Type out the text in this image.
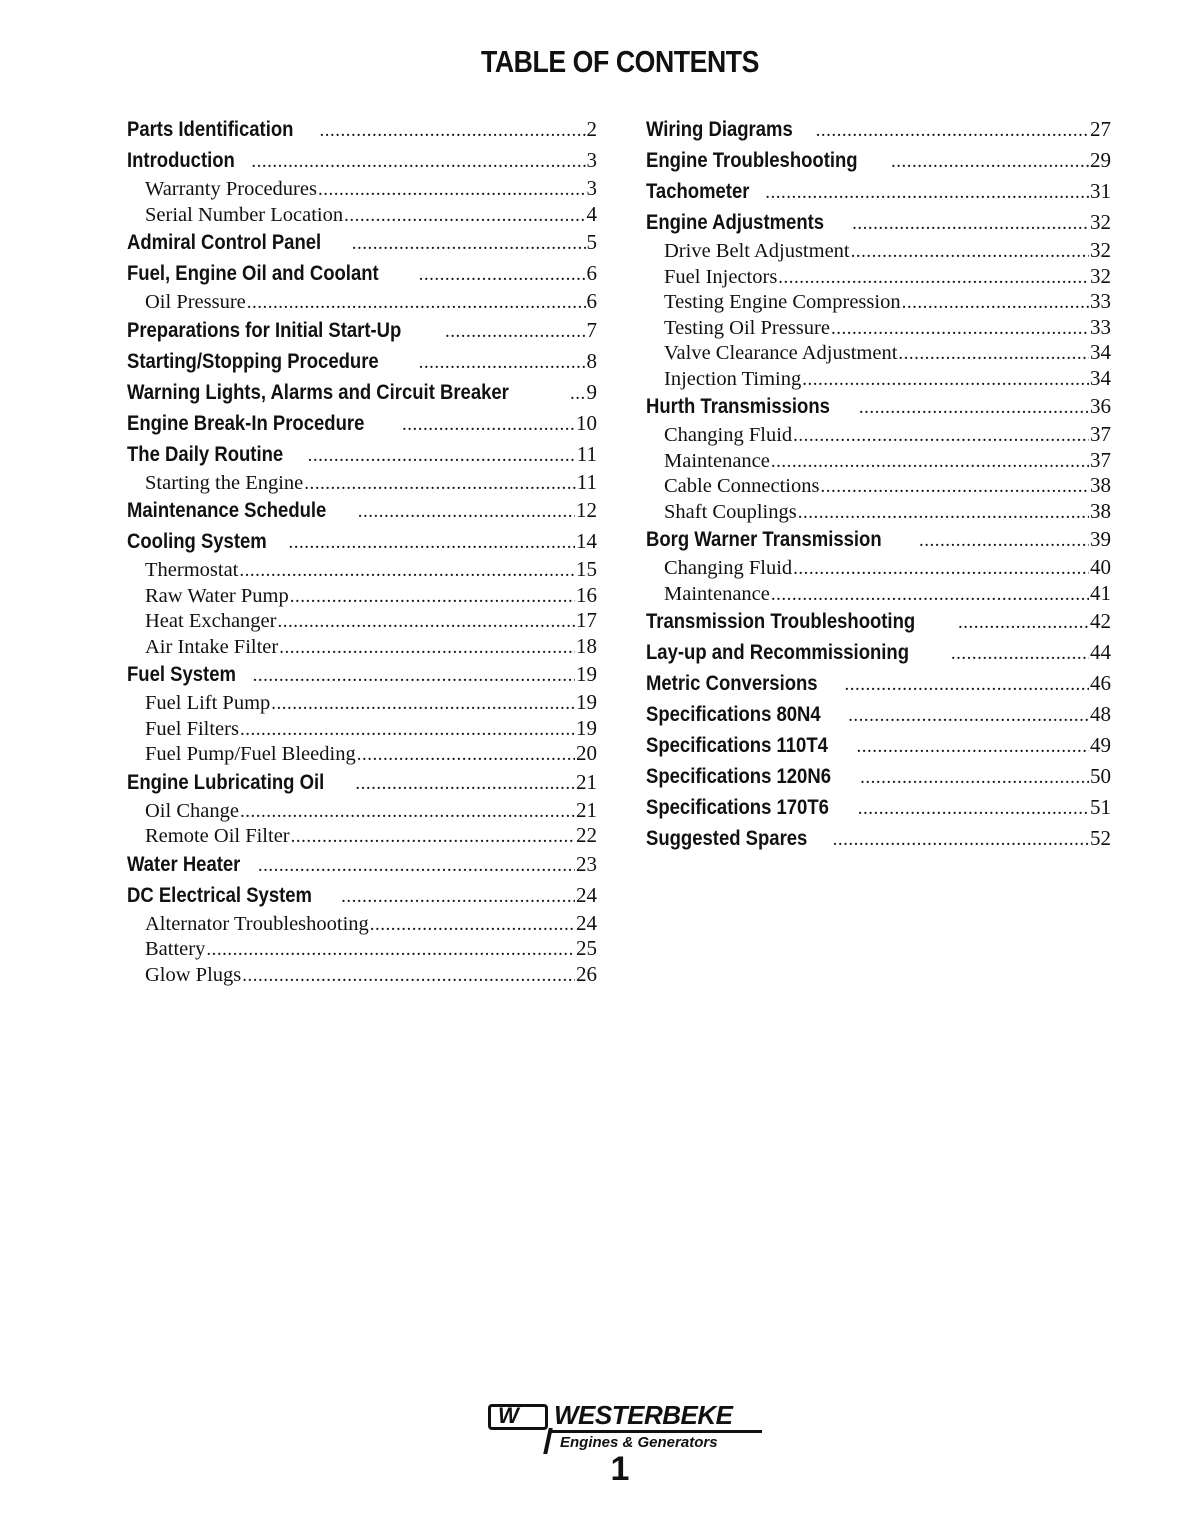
TABLE OF CONTENTS
Parts Identification .....	2
Introduction .....	3
Warranty Procedures .....	3
Serial Number Location .....	4
Admiral Control Panel .....	5
Fuel, Engine Oil and Coolant .....	6
Oil Pressure .....	6
Preparations for Initial Start-Up .....	7
Starting/Stopping Procedure .....	8
Warning Lights, Alarms and Circuit Breaker .....	9
Engine Break-In Procedure .....	10
The Daily Routine .....	11
Starting the Engine .....	11
Maintenance Schedule .....	12
Cooling System .....	14
Thermostat .....	15
Raw Water Pump .....	16
Heat Exchanger .....	17
Air Intake Filter .....	18
Fuel System .....	19
Fuel Lift Pump .....	19
Fuel Filters .....	19
Fuel Pump/Fuel Bleeding .....	20
Engine Lubricating Oil .....	21
Oil Change .....	21
Remote Oil Filter .....	22
Water Heater .....	23
DC Electrical System .....	24
Alternator Troubleshooting .....	24
Battery .....	25
Glow Plugs .....	26
Wiring Diagrams .....	27
Engine Troubleshooting .....	29
Tachometer .....	31
Engine Adjustments .....	32
Drive Belt Adjustment .....	32
Fuel Injectors .....	32
Testing Engine Compression .....	33
Testing Oil Pressure .....	33
Valve Clearance Adjustment .....	34
Injection Timing .....	34
Hurth Transmissions .....	36
Changing Fluid .....	37
Maintenance .....	37
Cable Connections .....	38
Shaft Couplings .....	38
Borg Warner Transmission .....	39
Changing Fluid .....	40
Maintenance .....	41
Transmission Troubleshooting .....	42
Lay-up and Recommissioning .....	44
Metric Conversions .....	46
Specifications 80N4 .....	48
Specifications 110T4 .....	49
Specifications 120N6 .....	50
Specifications 170T6 .....	51
Suggested Spares .....	52
W WESTERBEKE
Engines & Generators
1
